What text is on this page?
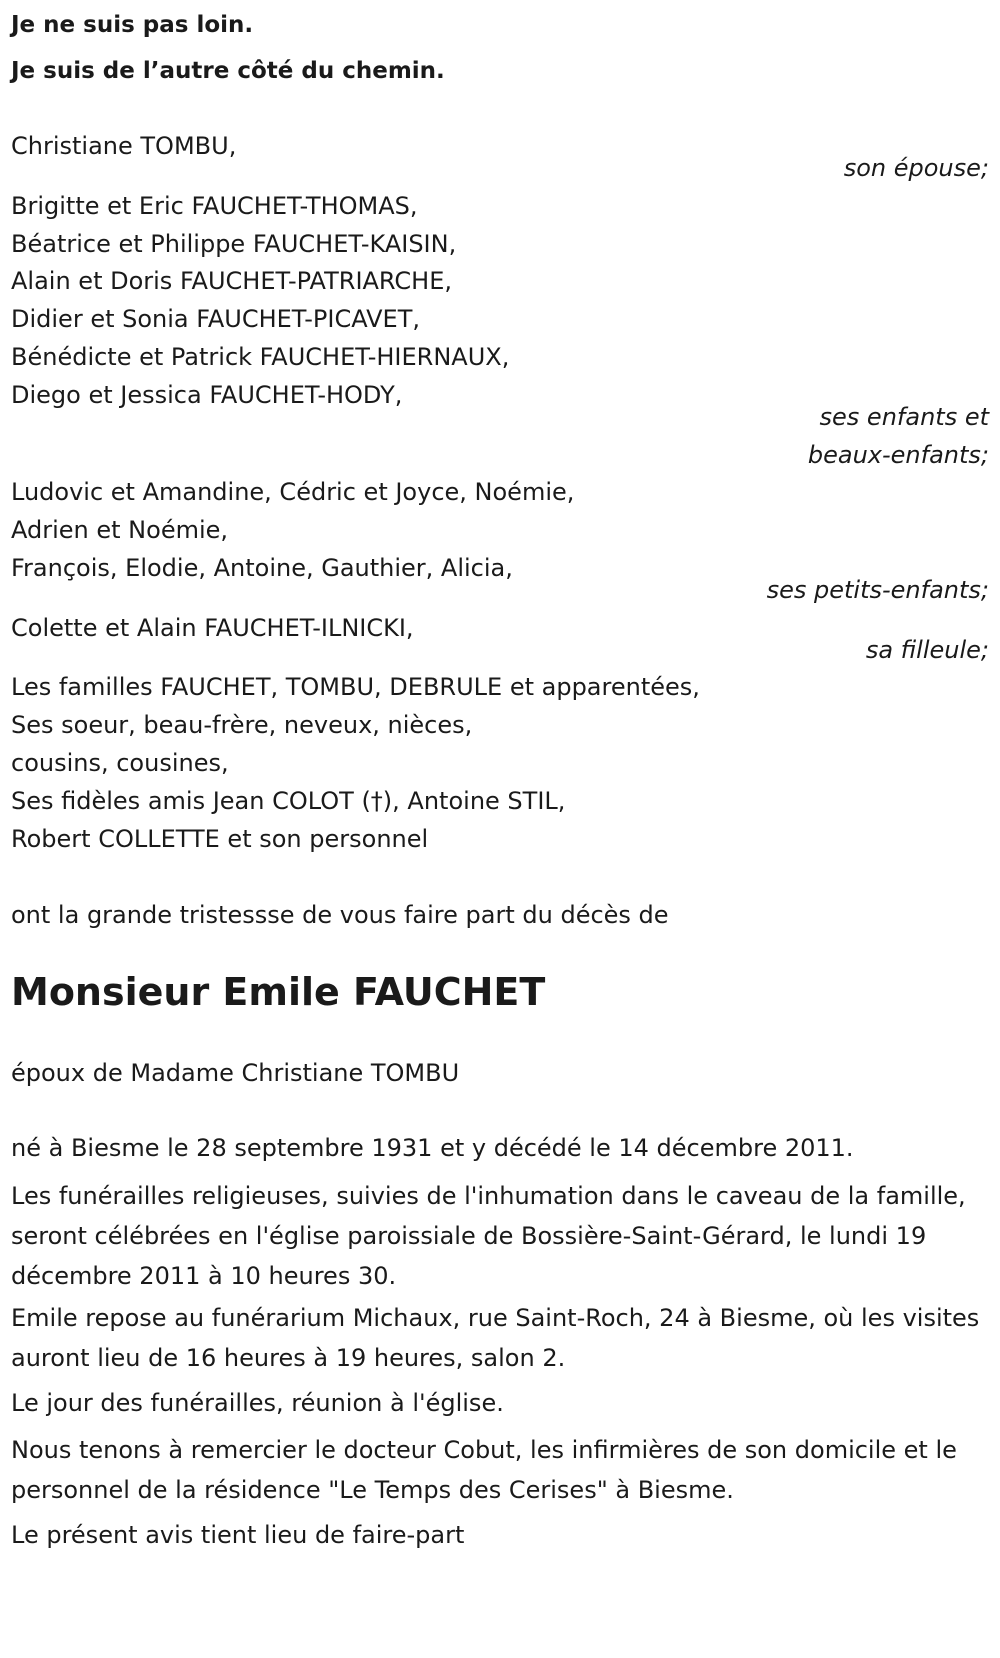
Je ne suis pas loin.
Je suis de l’autre côté du chemin.
Christiane TOMBU,
son épouse;
Brigitte et Eric FAUCHET-THOMAS,
Béatrice et Philippe FAUCHET-KAISIN,
Alain et Doris FAUCHET-PATRIARCHE,
Didier et Sonia FAUCHET-PICAVET,
Bénédicte et Patrick FAUCHET-HIERNAUX,
Diego et Jessica FAUCHET-HODY,
ses enfants et
beaux-enfants;
Ludovic et Amandine, Cédric et Joyce, Noémie,
Adrien et Noémie,
François, Elodie, Antoine, Gauthier, Alicia,
ses petits-enfants;
Colette et Alain FAUCHET-ILNICKI,
sa filleule;
Les familles FAUCHET, TOMBU, DEBRULE et apparentées,
Ses soeur, beau-frère, neveux, nièces,
cousins, cousines,
Ses fidèles amis Jean COLOT (†), Antoine STIL,
Robert COLLETTE et son personnel
ont la grande tristessse de vous faire part du décès de
Monsieur Emile FAUCHET
époux de Madame Christiane TOMBU
né à Biesme le 28 septembre 1931 et y décédé le 14 décembre 2011.
Les funérailles religieuses, suivies de l'inhumation dans le caveau de la famille, seront célébrées en l'église paroissiale de Bossière-Saint-Gérard, le lundi 19 décembre 2011 à 10 heures 30.
Emile repose au funérarium Michaux, rue Saint-Roch, 24 à Biesme, où les visites auront lieu de 16 heures à 19 heures, salon 2.
Le jour des funérailles, réunion à l'église.
Nous tenons à remercier le docteur Cobut, les infirmières de son domicile et le personnel de la résidence "Le Temps des Cerises" à Biesme.
Le présent avis tient lieu de faire-part
